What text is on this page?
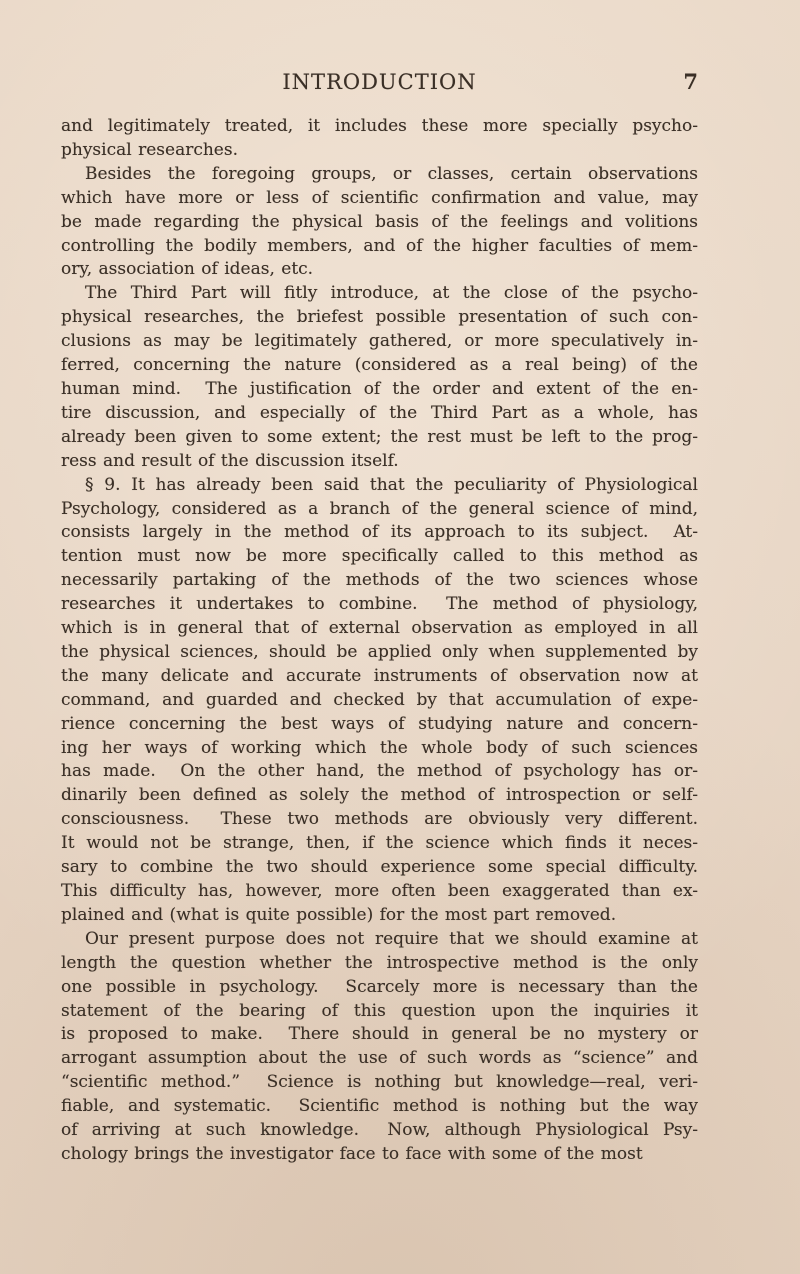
INTRODUCTION	7
and legitimately treated, it includes these more specially psycho-
physical researches.
Besides the foregoing groups, or classes, certain observations
which have more or less of scientific confirmation and value, may
be made regarding the physical basis of the feelings and volitions
controlling the bodily members, and of the higher faculties of mem-
ory, association of ideas, etc.
The Third Part will fitly introduce, at the close of the psycho-
physical researches, the briefest possible presentation of such con-
clusions as may be legitimately gathered, or more speculatively in-
ferred, concerning the nature (considered as a real being) of the
human mind.  The justification of the order and extent of the en-
tire discussion, and especially of the Third Part as a whole, has
already been given to some extent; the rest must be left to the prog-
ress and result of the discussion itself.
§ 9. It has already been said that the peculiarity of Physiological
Psychology, considered as a branch of the general science of mind,
consists largely in the method of its approach to its subject.  At-
tention must now be more specifically called to this method as
necessarily partaking of the methods of the two sciences whose
researches it undertakes to combine.  The method of physiology,
which is in general that of external observation as employed in all
the physical sciences, should be applied only when supplemented by
the many delicate and accurate instruments of observation now at
command, and guarded and checked by that accumulation of expe-
rience concerning the best ways of studying nature and concern-
ing her ways of working which the whole body of such sciences
has made.  On the other hand, the method of psychology has or-
dinarily been defined as solely the method of introspection or self-
consciousness.  These two methods are obviously very different.
It would not be strange, then, if the science which finds it neces-
sary to combine the two should experience some special difficulty.
This difficulty has, however, more often been exaggerated than ex-
plained and (what is quite possible) for the most part removed.
Our present purpose does not require that we should examine at
length the question whether the introspective method is the only
one possible in psychology.  Scarcely more is necessary than the
statement of the bearing of this question upon the inquiries it
is proposed to make.  There should in general be no mystery or
arrogant assumption about the use of such words as “science” and
“scientific method.”  Science is nothing but knowledge—real, veri-
fiable, and systematic.  Scientific method is nothing but the way
of arriving at such knowledge.  Now, although Physiological Psy-
chology brings the investigator face to face with some of the most
